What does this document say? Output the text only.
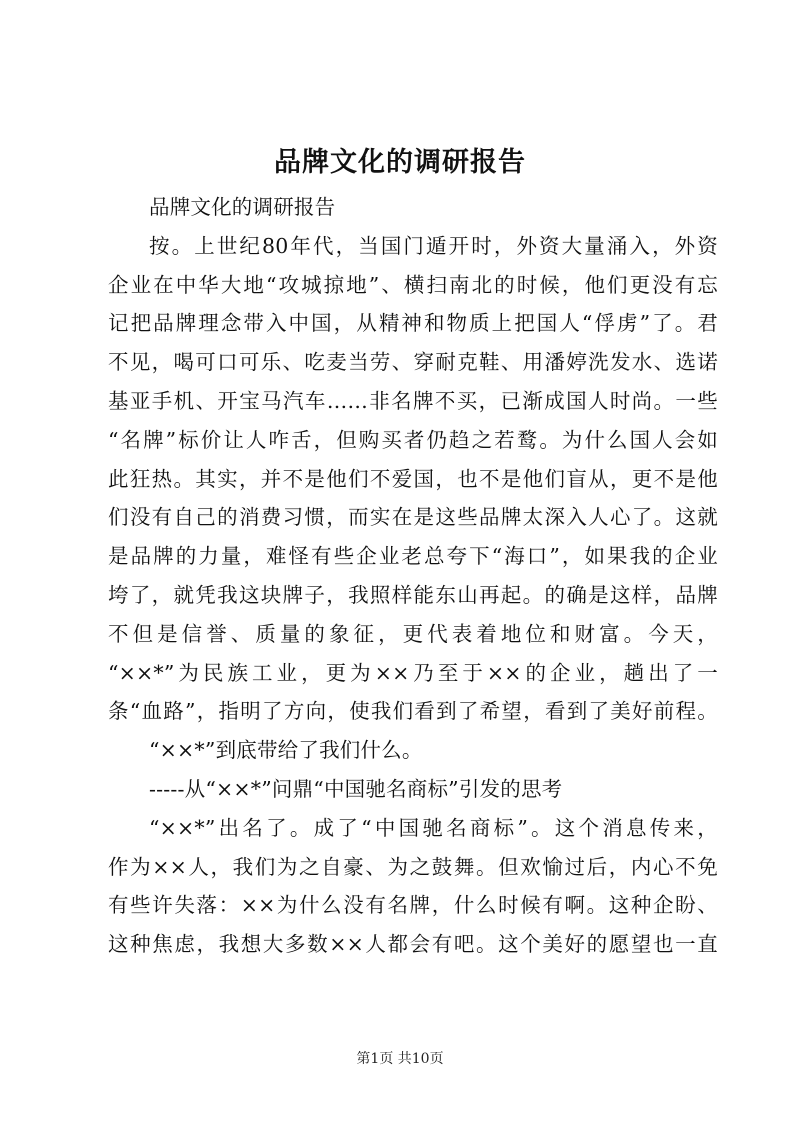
品牌文化的调研报告
品牌文化的调研报告
按。上世纪80年代，当国门遁开时，外资大量涌入，外资
企业在中华大地“攻城掠地”、横扫南北的时候，他们更没有忘
记把品牌理念带入中国，从精神和物质上把国人“俘虏”了。君
不见，喝可口可乐、吃麦当劳、穿耐克鞋、用潘婷洗发水、选诺
基亚手机、开宝马汽车……非名牌不买，已渐成国人时尚。一些
“名牌”标价让人咋舌，但购买者仍趋之若鹜。为什么国人会如
此狂热。其实，并不是他们不爱国，也不是他们盲从，更不是他
们没有自己的消费习惯，而实在是这些品牌太深入人心了。这就
是品牌的力量，难怪有些企业老总夸下“海口”，如果我的企业
垮了，就凭我这块牌子，我照样能东山再起。的确是这样，品牌
不但是信誉、质量的象征，更代表着地位和财富。今天，
“××*”为民族工业，更为××乃至于××的企业，趟出了一
条“血路”，指明了方向，使我们看到了希望，看到了美好前程。
“××*”到底带给了我们什么。
-----从“××*”问鼎“中国驰名商标”引发的思考
“××*”出名了。成了“中国驰名商标”。这个消息传来，
作为××人，我们为之自豪、为之鼓舞。但欢愉过后，内心不免
有些许失落：××为什么没有名牌，什么时候有啊。这种企盼、
这种焦虑，我想大多数××人都会有吧。这个美好的愿望也一直
第1页 共10页
